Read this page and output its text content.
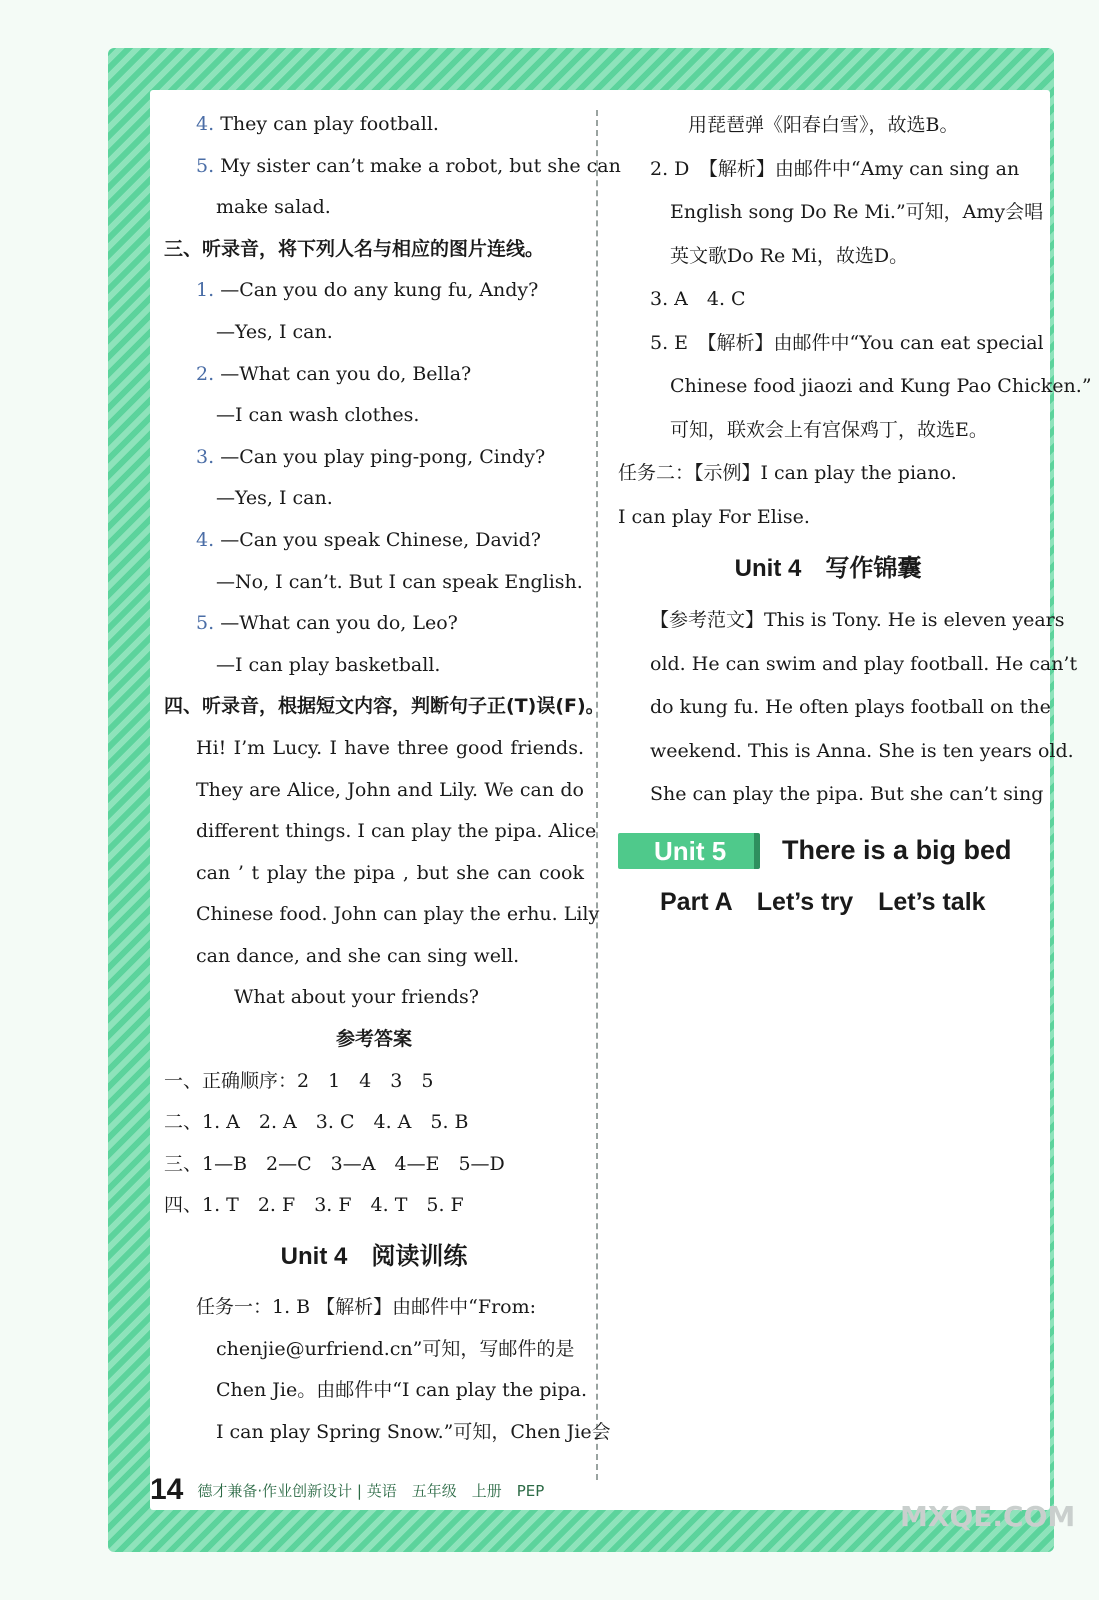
4. They can play football.
5. My sister can’t make a robot, but she can
make salad.
三、听录音，将下列人名与相应的图片连线。
1. —Can you do any kung fu, Andy?
—Yes, I can.
2. —What can you do, Bella?
—I can wash clothes.
3. —Can you play ping-pong, Cindy?
—Yes, I can.
4. —Can you speak Chinese, David?
—No, I can’t. But I can speak English.
5. —What can you do, Leo?
—I can play basketball.
四、听录音，根据短文内容，判断句子正(T)误(F)。
Hi! I’m Lucy. I have three good friends.
They are Alice, John and Lily. We can do
different things. I can play the pipa. Alice
can ’ t play the pipa , but she can cook
Chinese food. John can play the erhu. Lily
can dance, and she can sing well.
What about your friends?
参考答案
一、正确顺序：2　1　4　3　5
二、1. A　2. A　3. C　4. A　5. B
三、1—B　2—C　3—A　4—E　5—D
四、1. T　2. F　3. F　4. T　5. F
Unit 4　阅读训练
任务一：1. B 【解析】由邮件中“From:
chenjie@urfriend.cn”可知，写邮件的是
Chen Jie。由邮件中“I can play the pipa.
I can play Spring Snow.”可知，Chen Jie会
用琵琶弹《阳春白雪》，故选B。
2. D　【解析】由邮件中“Amy can sing an
English song Do Re Mi.”可知，Amy会唱
英文歌Do Re Mi，故选D。
3. A　4. C
5. E　【解析】由邮件中“You can eat special
Chinese food jiaozi and Kung Pao Chicken.”
可知，联欢会上有宫保鸡丁，故选E。
任务二：【示例】I can play the piano.
I can play For Elise.
Unit 4　写作锦囊
【参考范文】This is Tony. He is eleven years
old. He can swim and play football. He can’t
do kung fu. He often plays football on the
weekend. This is Anna. She is ten years old.
She can play the pipa. But she can’t sing
Unit 5	There is a big bed
Part A　Let’s try　Let’s talk
14 德才兼备·作业创新设计 | 英语　五年级　上册　PEP
MXQE.COM
